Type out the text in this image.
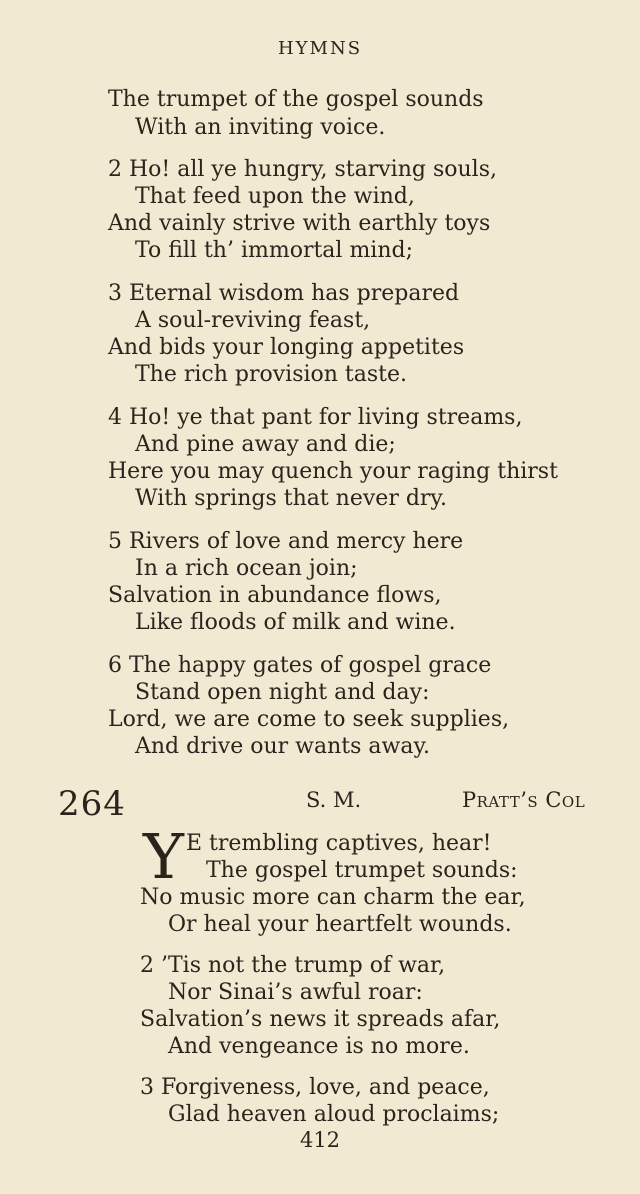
HYMNS
The trumpet of the gospel sounds
With an inviting voice.
2 Ho! all ye hungry, starving souls,
That feed upon the wind,
And vainly strive with earthly toys
To fill th’ immortal mind;
3 Eternal wisdom has prepared
A soul-reviving feast,
And bids your longing appetites
The rich provision taste.
4 Ho! ye that pant for living streams,
And pine away and die;
Here you may quench your raging thirst
With springs that never dry.
5 Rivers of love and mercy here
In a rich ocean join;
Salvation in abundance flows,
Like floods of milk and wine.
6 The happy gates of gospel grace
Stand open night and day:
Lord, we are come to seek supplies,
And drive our wants away.
264	S. M.	Pratt’s Col
Y E trembling captives, hear!
The gospel trumpet sounds:
No music more can charm the ear,
Or heal your heartfelt wounds.
2 ’Tis not the trump of war,
Nor Sinai’s awful roar:
Salvation’s news it spreads afar,
And vengeance is no more.
3 Forgiveness, love, and peace,
Glad heaven aloud proclaims;
412
